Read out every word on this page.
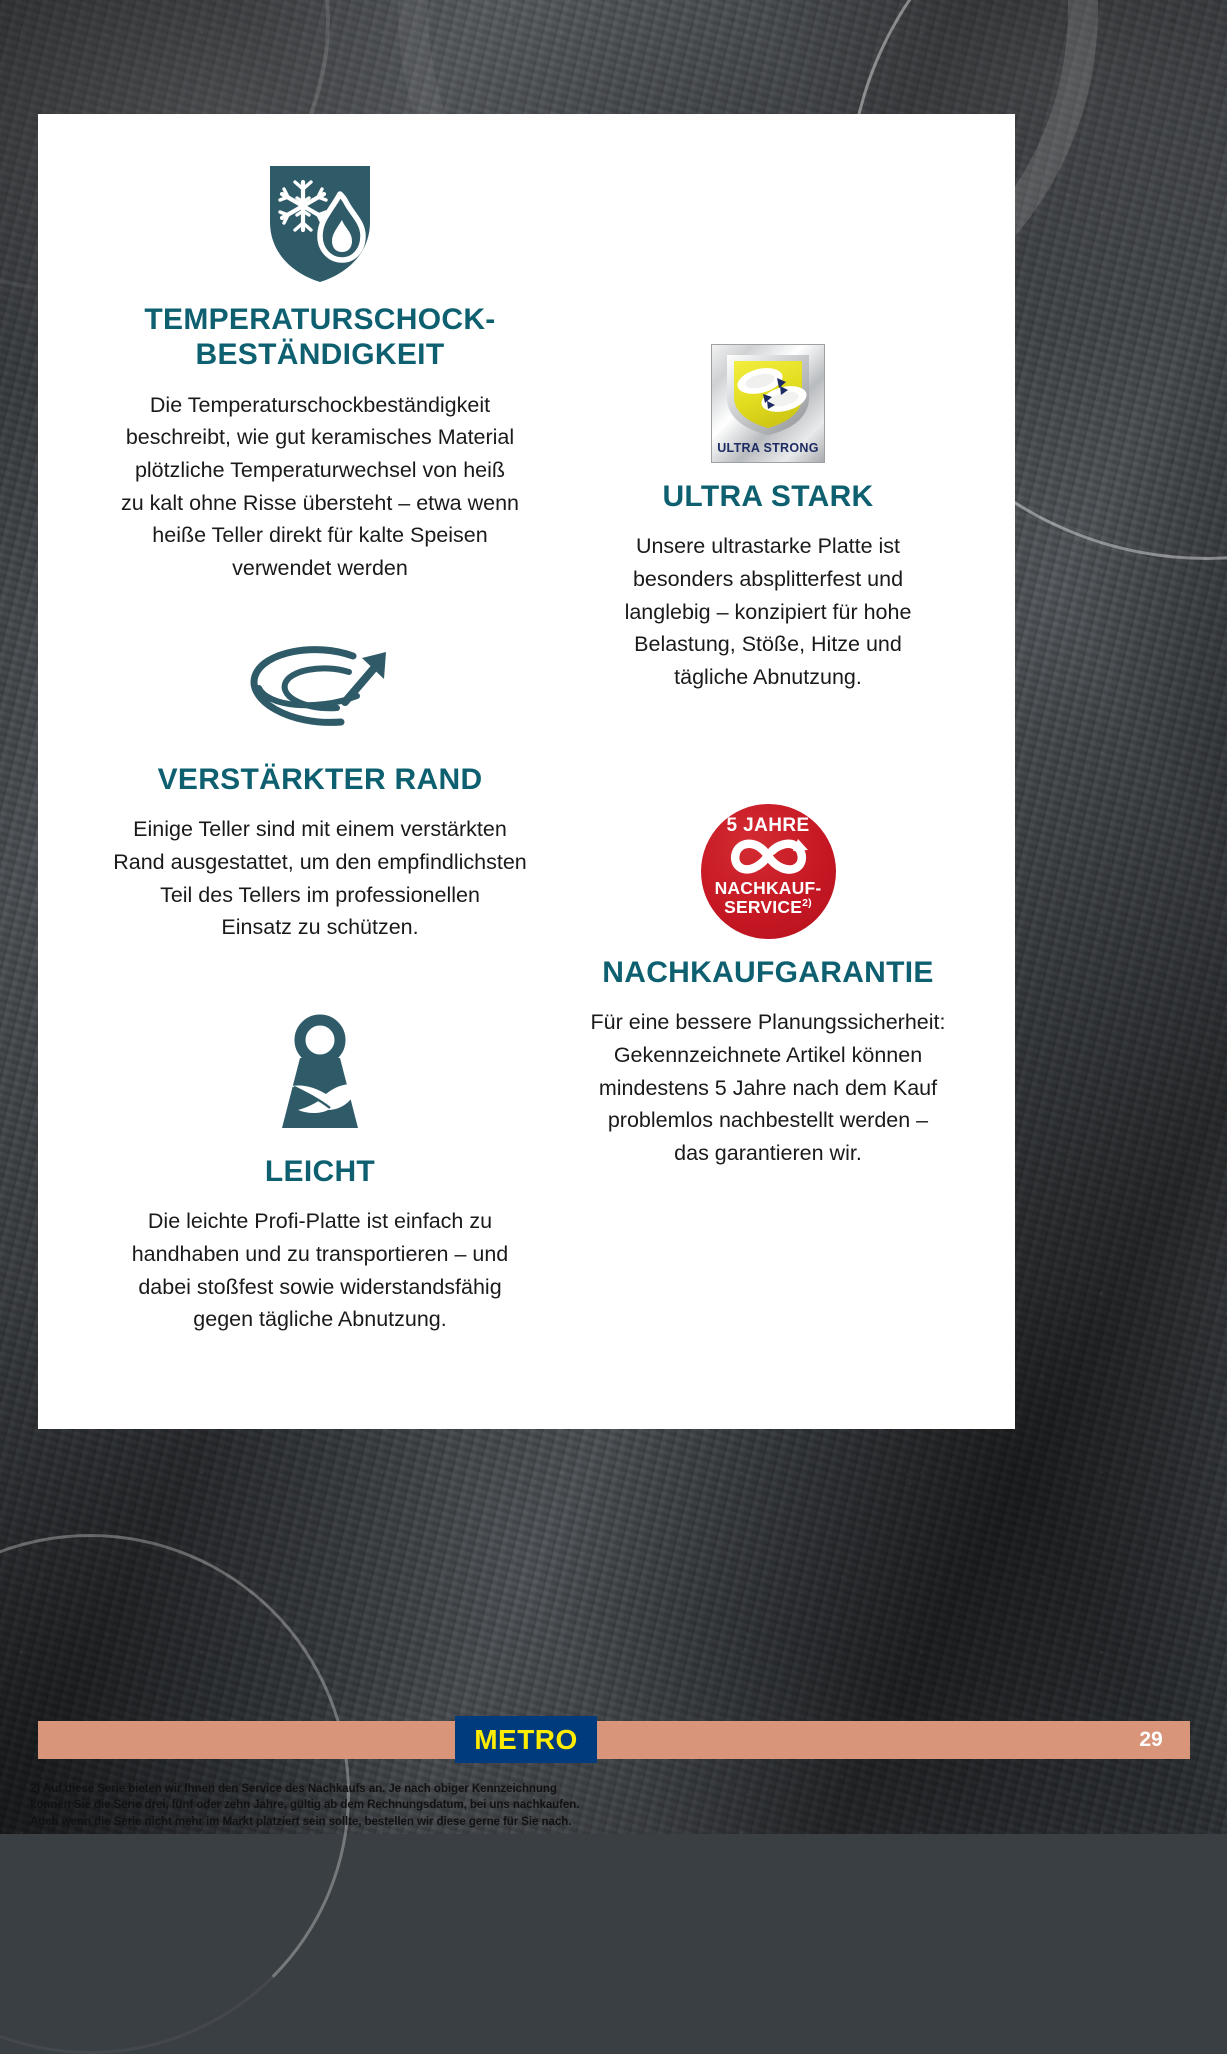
TEMPERATURSCHOCK-
BESTÄNDIGKEIT
Die Temperaturschockbeständigkeit
beschreibt, wie gut keramisches Material
plötzliche Temperaturwechsel von heiß
zu kalt ohne Risse übersteht – etwa wenn
heiße Teller direkt für kalte Speisen
verwendet werden
VERSTÄRKTER RAND
Einige Teller sind mit einem verstärkten
Rand ausgestattet, um den empfindlichsten
Teil des Tellers im professionellen
Einsatz zu schützen.
LEICHT
Die leichte Profi-Platte ist einfach zu
handhaben und zu transportieren – und
dabei stoßfest sowie widerstandsfähig
gegen tägliche Abnutzung.
ULTRA STRONG
ULTRA STARK
Unsere ultrastarke Platte ist
besonders absplitterfest und
langlebig – konzipiert für hohe
Belastung, Stöße, Hitze und
tägliche Abnutzung.
5 JAHRE
NACHKAUF-
SERVICE$^{2)}$
NACHKAUFGARANTIE
Für eine bessere Planungssicherheit:
Gekennzeichnete Artikel können
mindestens 5 Jahre nach dem Kauf
problemlos nachbestellt werden –
das garantieren wir.
METRO	29
2) Auf diese Serie bieten wir Ihnen den Service des Nachkaufs an. Je nach obiger Kennzeichnung
können Sie die Serie drei, fünf oder zehn Jahre, gültig ab dem Rechnungsdatum, bei uns nachkaufen.
Auch wenn die Serie nicht mehr im Markt platziert sein sollte, bestellen wir diese gerne für Sie nach.
